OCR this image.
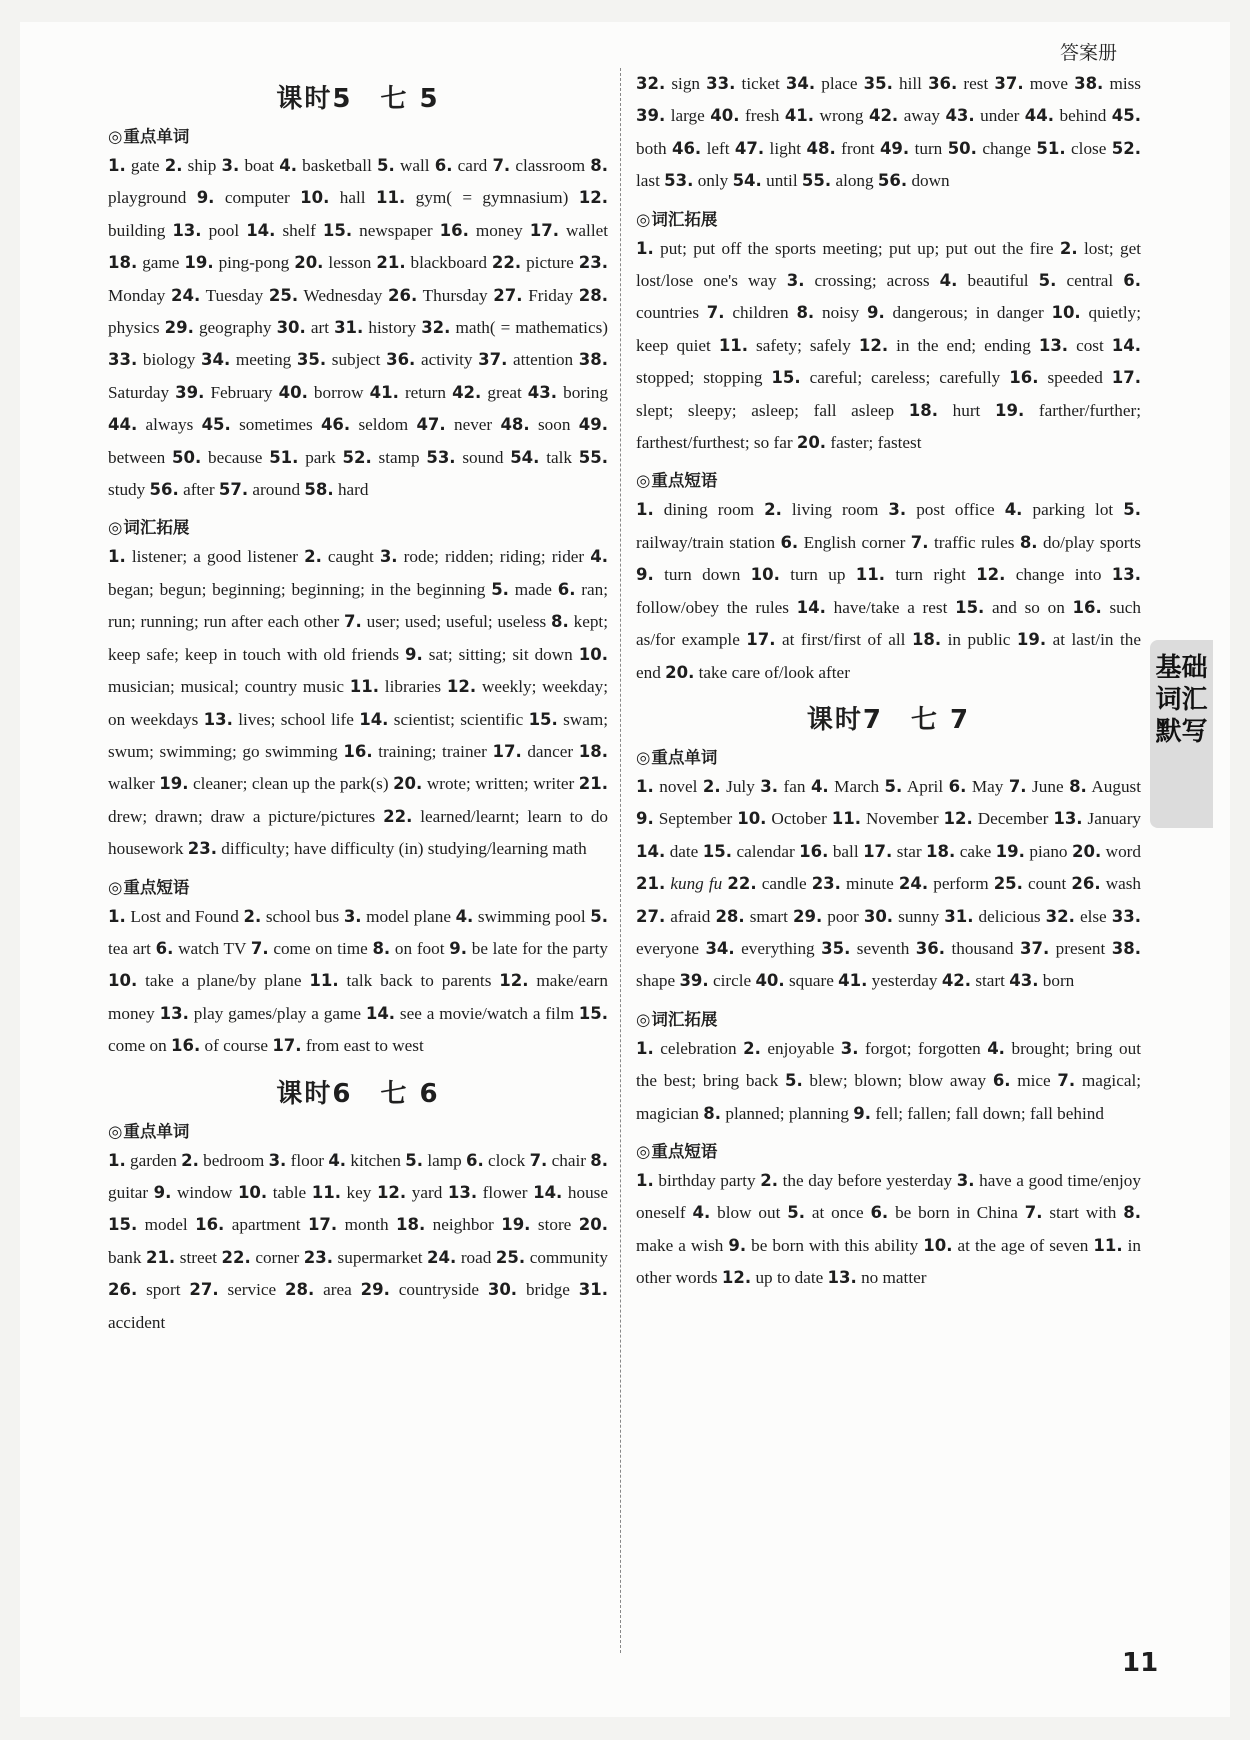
答案册
课时5　七 5
◎重点单词
1. gate 2. ship 3. boat 4. basketball 5. wall 6. card 7. classroom 8. playground 9. computer 10. hall 11. gym( = gymnasium) 12. building 13. pool 14. shelf 15. newspaper 16. money 17. wallet 18. game 19. ping-pong 20. lesson 21. blackboard 22. picture 23. Monday 24. Tuesday 25. Wednesday 26. Thursday 27. Friday 28. physics 29. geography 30. art 31. history 32. math( = mathematics) 33. biology 34. meeting 35. subject 36. activity 37. attention 38. Saturday 39. February 40. borrow 41. return 42. great 43. boring 44. always 45. sometimes 46. seldom 47. never 48. soon 49. between 50. because 51. park 52. stamp 53. sound 54. talk 55. study 56. after 57. around 58. hard
◎词汇拓展
1. listener; a good listener 2. caught 3. rode; ridden; riding; rider 4. began; begun; beginning; beginning; in the beginning 5. made 6. ran; run; running; run after each other 7. user; used; useful; useless 8. kept; keep safe; keep in touch with old friends 9. sat; sitting; sit down 10. musician; musical; country music 11. libraries 12. weekly; weekday; on weekdays 13. lives; school life 14. scientist; scientific 15. swam; swum; swimming; go swimming 16. training; trainer 17. dancer 18. walker 19. cleaner; clean up the park(s) 20. wrote; written; writer 21. drew; drawn; draw a picture/pictures 22. learned/learnt; learn to do housework 23. difficulty; have difficulty (in) studying/learning math
◎重点短语
1. Lost and Found 2. school bus 3. model plane 4. swimming pool 5. tea art 6. watch TV 7. come on time 8. on foot 9. be late for the party 10. take a plane/by plane 11. talk back to parents 12. make/earn money 13. play games/play a game 14. see a movie/watch a film 15. come on 16. of course 17. from east to west
课时6　七 6
◎重点单词
1. garden 2. bedroom 3. floor 4. kitchen 5. lamp 6. clock 7. chair 8. guitar 9. window 10. table 11. key 12. yard 13. flower 14. house 15. model 16. apartment 17. month 18. neighbor 19. store 20. bank 21. street 22. corner 23. supermarket 24. road 25. community 26. sport 27. service 28. area 29. countryside 30. bridge 31. accident
32. sign 33. ticket 34. place 35. hill 36. rest 37. move 38. miss 39. large 40. fresh 41. wrong 42. away 43. under 44. behind 45. both 46. left 47. light 48. front 49. turn 50. change 51. close 52. last 53. only 54. until 55. along 56. down
◎词汇拓展
1. put; put off the sports meeting; put up; put out the fire 2. lost; get lost/lose one's way 3. crossing; across 4. beautiful 5. central 6. countries 7. children 8. noisy 9. dangerous; in danger 10. quietly; keep quiet 11. safety; safely 12. in the end; ending 13. cost 14. stopped; stopping 15. careful; careless; carefully 16. speeded 17. slept; sleepy; asleep; fall asleep 18. hurt 19. farther/further; farthest/furthest; so far 20. faster; fastest
◎重点短语
1. dining room 2. living room 3. post office 4. parking lot 5. railway/train station 6. English corner 7. traffic rules 8. do/play sports 9. turn down 10. turn up 11. turn right 12. change into 13. follow/obey the rules 14. have/take a rest 15. and so on 16. such as/for example 17. at first/first of all 18. in public 19. at last/in the end 20. take care of/look after
课时7　七 7
◎重点单词
1. novel 2. July 3. fan 4. March 5. April 6. May 7. June 8. August 9. September 10. October 11. November 12. December 13. January 14. date 15. calendar 16. ball 17. star 18. cake 19. piano 20. word 21. kung fu 22. candle 23. minute 24. perform 25. count 26. wash 27. afraid 28. smart 29. poor 30. sunny 31. delicious 32. else 33. everyone 34. everything 35. seventh 36. thousand 37. present 38. shape 39. circle 40. square 41. yesterday 42. start 43. born
◎词汇拓展
1. celebration 2. enjoyable 3. forgot; forgotten 4. brought; bring out the best; bring back 5. blew; blown; blow away 6. mice 7. magical; magician 8. planned; planning 9. fell; fallen; fall down; fall behind
◎重点短语
1. birthday party 2. the day before yesterday 3. have a good time/enjoy oneself 4. blow out 5. at once 6. be born in China 7. start with 8. make a wish 9. be born with this ability 10. at the age of seven 11. in other words 12. up to date 13. no matter
基础
词汇
默写
11
